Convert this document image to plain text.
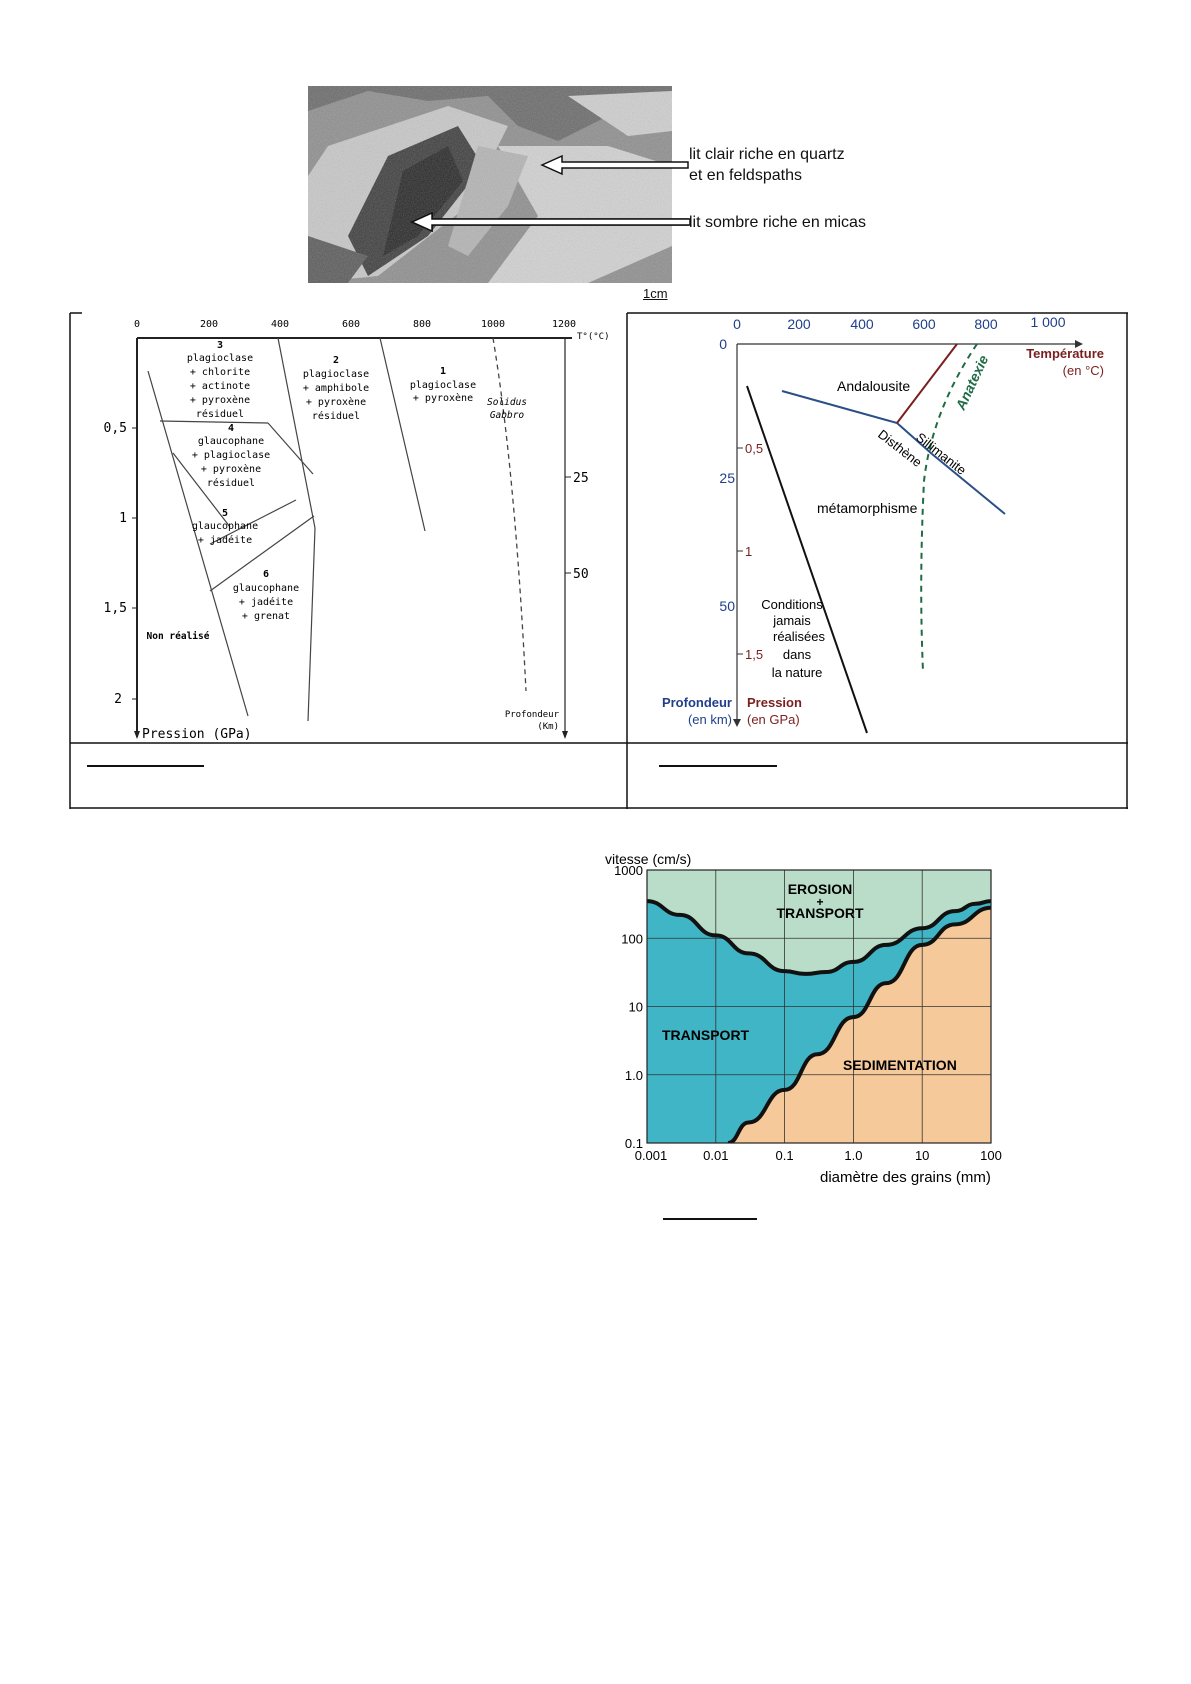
lit clair riche en quartz
et en feldspaths
lit sombre riche en micas
1cm
0	200	400	600	800	1000	1200
T°(°C)
0,5
1
1,5
2
Pression (GPa)
25
50
Profondeur
(Km)
Solidus
Gabbro
Non réalisé
1
plagioclase
+ pyroxène
2
plagioclase
+ amphibole
+ pyroxène
résiduel
3
plagioclase
+ chlorite
+ actinote
+ pyroxène
résiduel
4
glaucophane
+ plagioclase
+ pyroxène
résiduel
5
glaucophane
+ jadéite
6
glaucophane
+ jadéite
+ grenat
0	200	400	600	800 1 000
Température
(en °C)
0
25
50
0,5
1
1,5
Profondeur
(en km)
Pression
(en GPa)
Andalousite
Sillimanite
Disthène
Anatexie
métamorphisme
Conditions
jamais
réalisées
dans
la nature
vitesse (cm/s)
diamètre des grains (mm)
EROSION
+
TRANSPORT
TRANSPORT
SEDIMENTATION
1000
100
10
1.0
0.1
0.001	0.01	0.1	1.0	10	100
